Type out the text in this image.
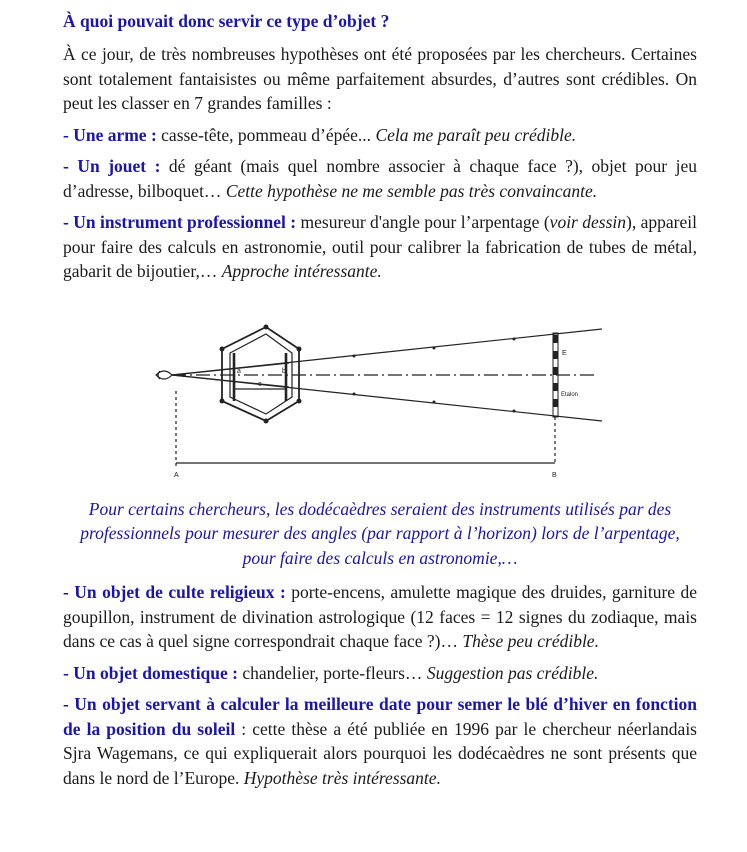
À quoi pouvait donc servir ce type d’objet ?

À ce jour, de très nombreuses hypothèses ont été proposées par les chercheurs. Certaines sont totalement fantaisistes ou même parfaitement absurdes, d’autres sont crédibles. On peut les classer en 7 grandes familles :

- Une arme : casse-tête, pommeau d’épée... Cela me paraît peu crédible.

- Un jouet : dé géant (mais quel nombre associer à chaque face ?), objet pour jeu d’adresse, bilboquet… Cette hypothèse ne me semble pas très convaincante.

- Un instrument professionnel : mesureur d'angle pour l’arpentage (voir dessin), appareil pour faire des calculs en astronomie, outil pour calibrer la fabrication de tubes de métal, gabarit de bijoutier,… Approche intéressante.

a	b
c
E
Etalon
A	B
Pour certains chercheurs, les dodécaèdres seraient des instruments utilisés par des professionnels pour mesurer des angles (par rapport à l’horizon) lors de l’arpentage, pour faire des calculs en astronomie,…

- Un objet de culte religieux : porte-encens, amulette magique des druides, garniture de goupillon, instrument de divination astrologique (12 faces = 12 signes du zodiaque, mais dans ce cas à quel signe correspondrait chaque face ?)… Thèse peu crédible.

- Un objet domestique : chandelier, porte-fleurs… Suggestion pas crédible.

- Un objet servant à calculer la meilleure date pour semer le blé d’hiver en fonction de la position du soleil : cette thèse a été publiée en 1996 par le chercheur néerlandais Sjra Wagemans, ce qui expliquerait alors pourquoi les dodécaèdres ne sont présents que dans le nord de l’Europe. Hypothèse très intéressante.
